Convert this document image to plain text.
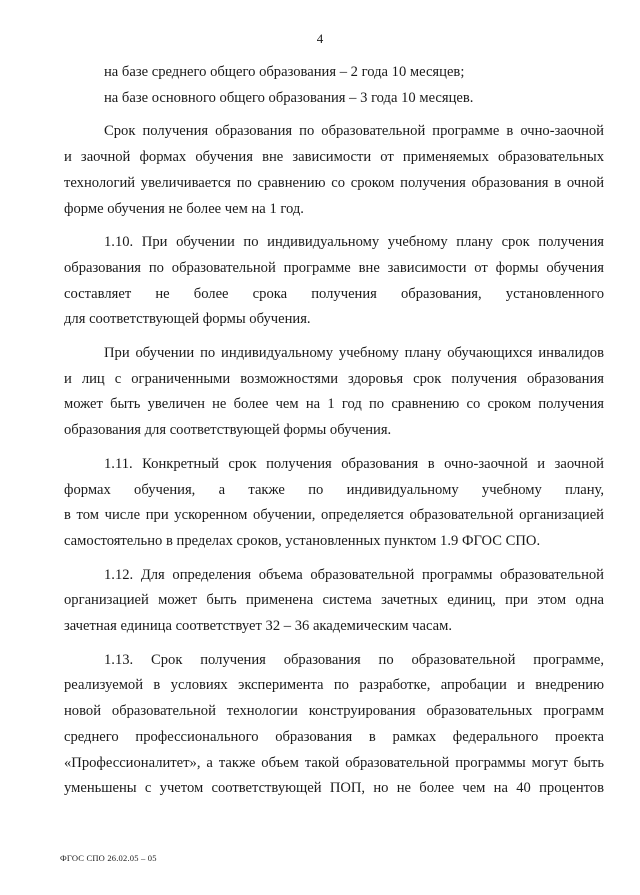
4
на базе среднего общего образования – 2 года 10 месяцев;
на базе основного общего образования – 3 года 10 месяцев.
Срок получения образования по образовательной программе в очно-заочной
и заочной формах обучения вне зависимости от применяемых образовательных
технологий увеличивается по сравнению со сроком получения образования в очной
форме обучения не более чем на 1 год.
1.10. При обучении по индивидуальному учебному плану срок получения
образования по образовательной программе вне зависимости от формы обучения
составляет не более срока получения образования, установленного
для соответствующей формы обучения.
При обучении по индивидуальному учебному плану обучающихся инвалидов
и лиц с ограниченными возможностями здоровья срок получения образования
может быть увеличен не более чем на 1 год по сравнению со сроком получения
образования для соответствующей формы обучения.
1.11. Конкретный срок получения образования в очно-заочной и заочной
формах обучения, а также по индивидуальному учебному плану,
в том числе при ускоренном обучении, определяется образовательной организацией
самостоятельно в пределах сроков, установленных пунктом 1.9 ФГОС СПО.
1.12. Для определения объема образовательной программы образовательной
организацией может быть применена система зачетных единиц, при этом одна
зачетная единица соответствует 32 – 36 академическим часам.
1.13. Срок получения образования по образовательной программе,
реализуемой в условиях эксперимента по разработке, апробации и внедрению
новой образовательной технологии конструирования образовательных программ
среднего профессионального образования в рамках федерального проекта
«Профессионалитет», а также объем такой образовательной программы могут быть
уменьшены с учетом соответствующей ПОП, но не более чем на 40 процентов
ФГОС СПО 26.02.05 – 05
